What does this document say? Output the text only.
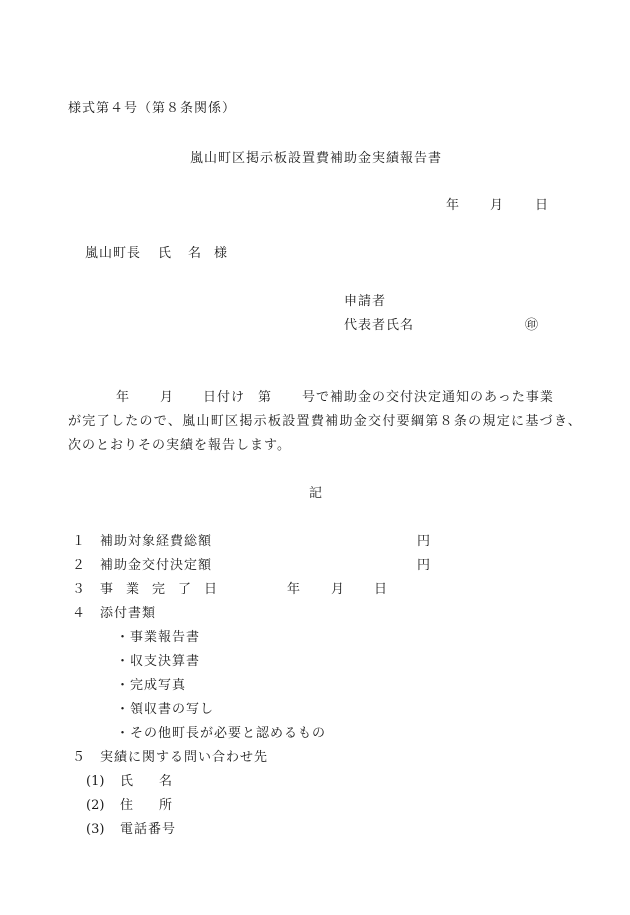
様式第４号（第８条関係）
嵐山町区掲示板設置費補助金実績報告書
年 月 日
嵐山町長 氏 名 様
申請者
代表者氏名	㊞
年 月 日付け 第 号で補助金の交付決定通知のあった事業
が完了したので、嵐山町区掲示板設置費補助金交付要綱第８条の規定に基づき、
次のとおりその実績を報告します。
記
１ 補助対象経費総額	円
２ 補助金交付決定額	円
３ 事　業　完　了　日	年 月 日
４ 添付書類
・事業報告書
・収支決算書
・完成写真
・領収書の写し
・その他町長が必要と認めるもの
５ 実績に関する問い合わせ先
(1) 氏　　名
(2) 住　　所
(3) 電話番号
